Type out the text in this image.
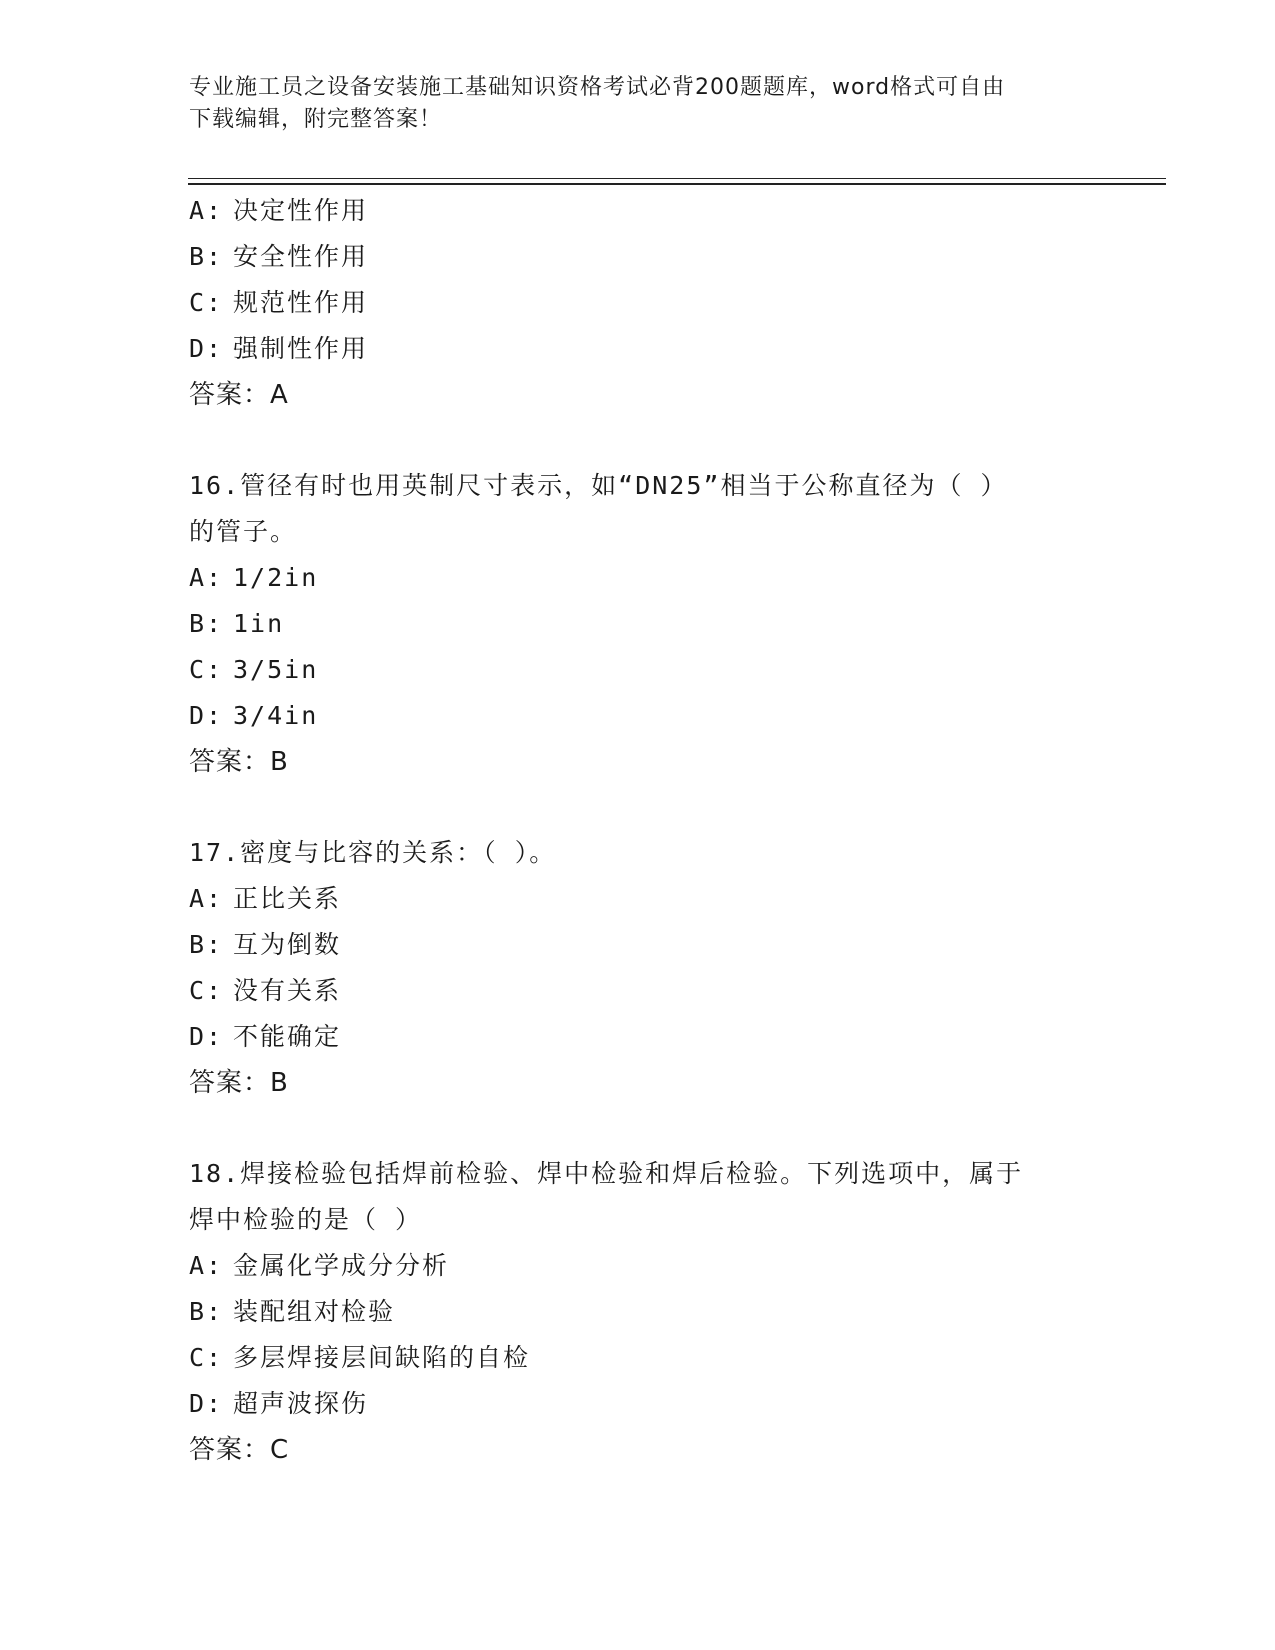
专业施工员之设备安装施工基础知识资格考试必背200题题库，word格式可自由
下载编辑，附完整答案！
A: 决定性作用
B: 安全性作用
C: 规范性作用
D: 强制性作用
答案：A
16.管径有时也用英制尺寸表示，如“DN25”相当于公称直径为（ ）
的管子。
A: 1/2in
B: 1in
C: 3/5in
D: 3/4in
答案：B
17.密度与比容的关系：（ ）。
A: 正比关系
B: 互为倒数
C: 没有关系
D: 不能确定
答案：B
18.焊接检验包括焊前检验、焊中检验和焊后检验。下列选项中，属于
焊中检验的是（ ）
A: 金属化学成分分析
B: 装配组对检验
C: 多层焊接层间缺陷的自检
D: 超声波探伤
答案：C
